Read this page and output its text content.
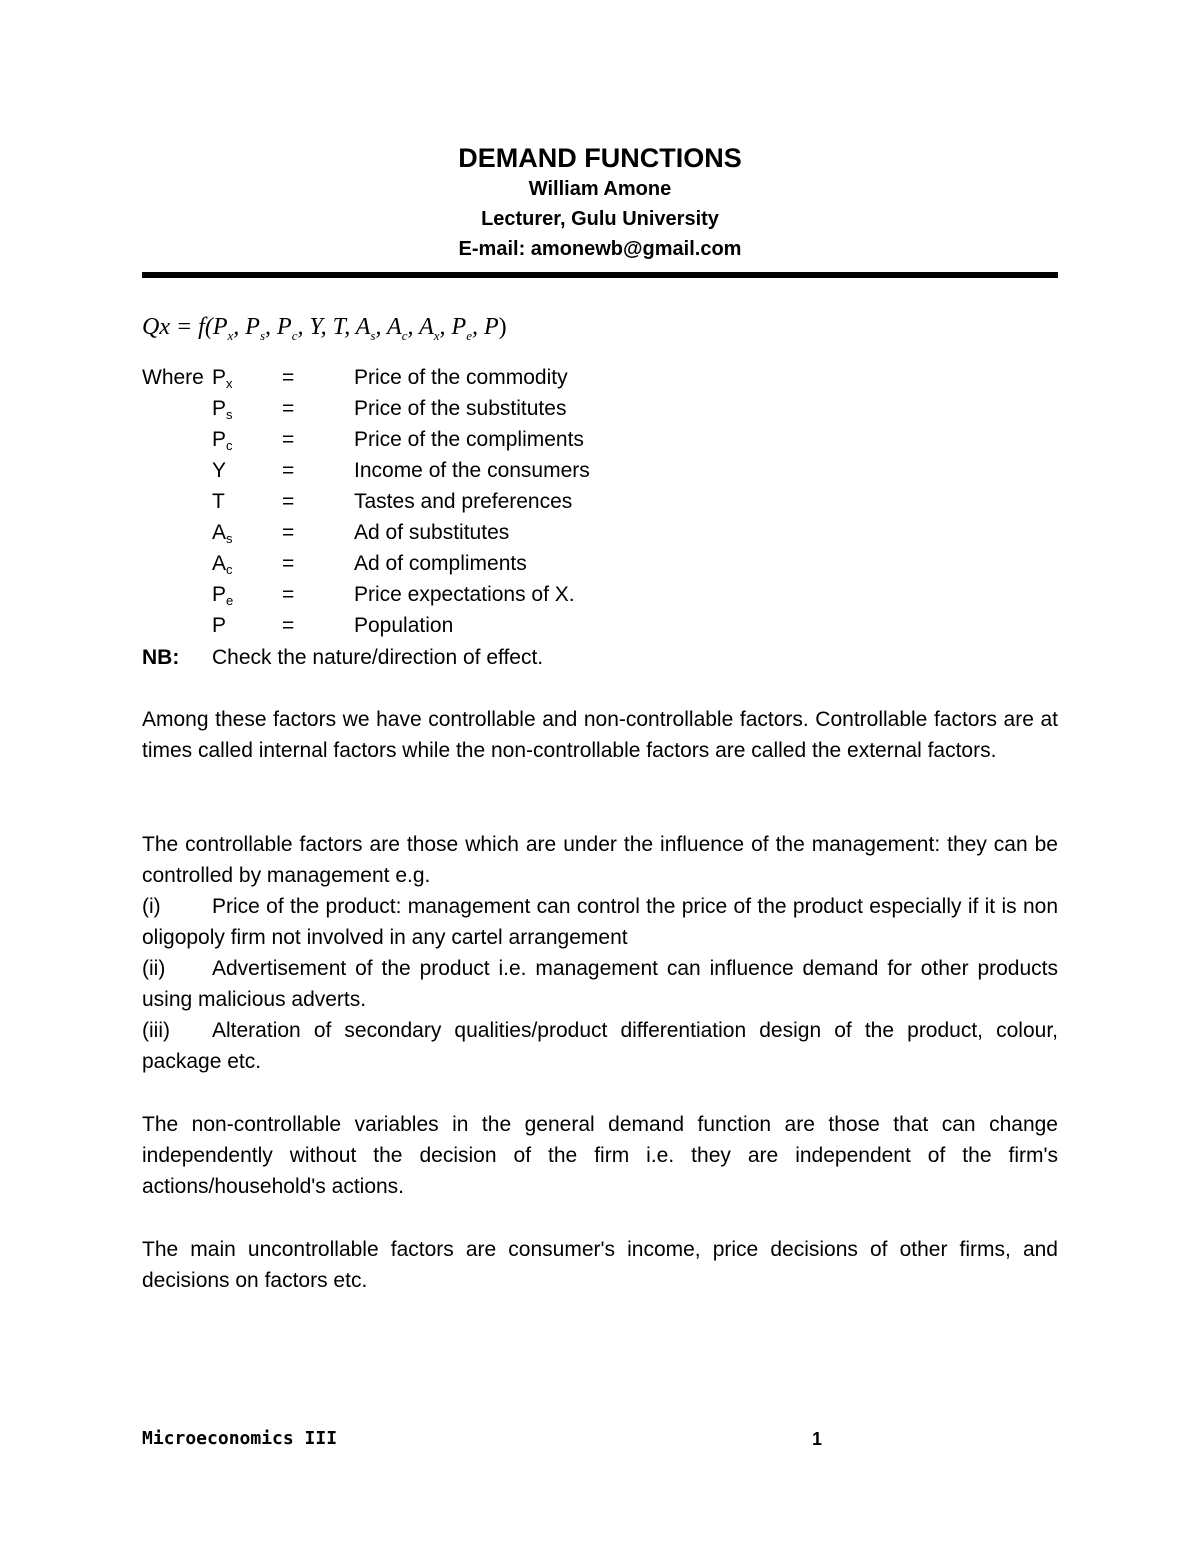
DEMAND FUNCTIONS
William Amone
Lecturer, Gulu University
E-mail: amonewb@gmail.com
$Qx = f(P_x$, $P_s$, $P_c$, Y, T, $A_s$, $A_c$, $A_x$, $P_e$, P)
Where $P_x$ =	Price of the commodity
$P_s$ =	Price of the substitutes
$P_c$ =	Price of the compliments
Y	=	Income of the consumers
T	=	Tastes and preferences
$A_s$ =	Ad of substitutes
$A_c$ =	Ad of compliments
$P_e$ =	Price expectations of X.
P	=	Population
NB: Check the nature/direction of effect.

Among these factors we have controllable and non-controllable factors. Controllable factors are at times called internal factors while the non-controllable factors are called the external factors.

The controllable factors are those which are under the influence of the management: they can be controlled by management e.g.

(i) Price of the product: management can control the price of the product especially if it is non oligopoly firm not involved in any cartel arrangement

(ii) Advertisement of the product i.e. management can influence demand for other products using malicious adverts.

(iii) Alteration of secondary qualities/product differentiation design of the product, colour, package etc.

The non-controllable variables in the general demand function are those that can change independently without the decision of the firm i.e. they are independent of the firm's actions/household's actions.

The main uncontrollable factors are consumer's income, price decisions of other firms, and decisions on factors etc.

Microeconomics III	1
